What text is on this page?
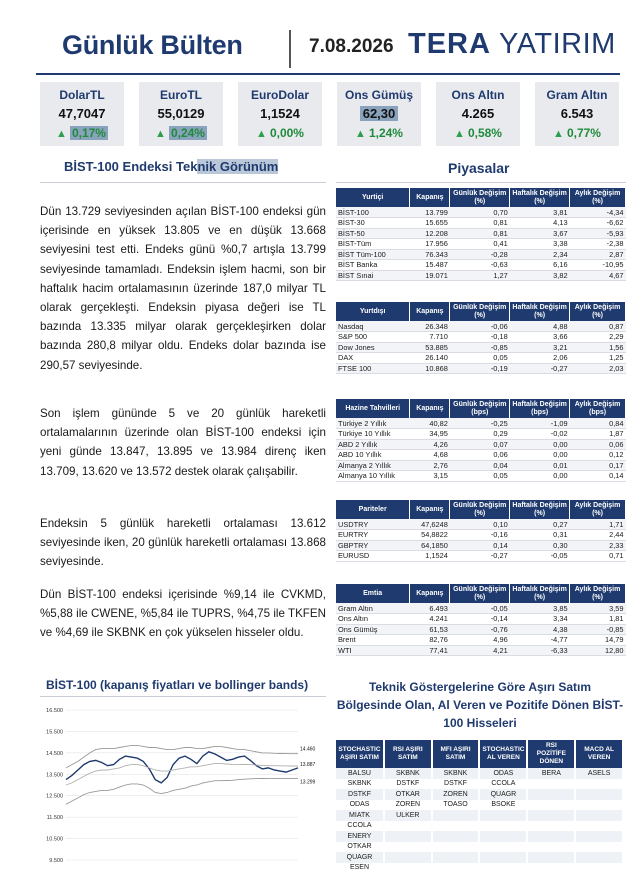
Günlük Bülten	7.08.2026 TERA YATIRIM
DolarTL
47,7047
▲ 0,17%
EuroTL
55,0129
▲ 0,24%
EuroDolar
1,1524
▲ 0,00%
Ons Gümüş
62,30
▲ 1,24%
Ons Altın
4.265
▲ 0,58%
Gram Altın
6.543
▲ 0,77%
BİST-100 Endeksi Teknik Görünüm
Dün 13.729 seviyesinden açılan BİST-100 endeksi gün içerisinde en yüksek 13.805 ve en düşük 13.668 seviyesini test etti. Endeks günü %0,7 artışla 13.799 seviyesinde tamamladı. Endeksin işlem hacmi, son bir haftalık hacim ortalamasının üzerinde 187,0 milyar TL olarak gerçekleşti. Endeksin piyasa değeri ise TL bazında 13.335 milyar olarak gerçekleşirken dolar bazında 280,8 milyar oldu. Endeks dolar bazında ise 290,57 seviyesinde.
Son işlem gününde 5 ve 20 günlük hareketli ortalamalarının üzerinde olan BİST-100 endeksi için yeni günde 13.847, 13.895 ve 13.984 direnç iken 13.709, 13.620 ve 13.572 destek olarak çalışabilir.
Endeksin 5 günlük hareketli ortalaması 13.612 seviyesinde iken, 20 günlük hareketli ortalaması 13.868 seviyesinde.
Dün BİST-100 endeksi içerisinde %9,14 ile CVKMD, %5,88 ile CWENE, %5,84 ile TUPRS, %4,75 ile TKFEN ve %4,69 ile SKBNK en çok yükselen hisseler oldu.
Piyasalar
Yurtiçi	Kapanış	Günlük Değişim (%)	Haftalık Değişim (%)	Aylık Değişim (%)
BİST-100	13.799	0,70	3,81	-4,34
BİST-30	15.655	0,81	4,13	-6,62
BİST-50	12.208	0,81	3,67	-5,93
BİST-Tüm	17.956	0,41	3,38	-2,38
BİST Tüm-100	76.343	-0,28	2,34	2,87
BİST Banka	15.487	-0,63	6,16	-10,95
BİST Sınai	19.071	1,27	3,82	4,67
Yurtdışı	Kapanış	Günlük Değişim (%)	Haftalık Değişim (%)	Aylık Değişim (%)
Nasdaq	26.348	-0,06	4,88	0,87
S&P 500	7.710	-0,18	3,66	2,29
Dow Jones	53.885	-0,85	3,21	1,56
DAX	26.140	0,05	2,06	1,25
FTSE 100	10.868	-0,19	-0,27	2,03
Hazine Tahvilleri	Kapanış	Günlük Değişim (bps)	Haftalık Değişim (bps)	Aylık Değişim (bps)
Türkiye 2 Yıllık	40,82	-0,25	-1,09	0,84
Türkiye 10 Yıllık	34,95	0,29	-0,02	1,87
ABD 2 Yıllık	4,26	0,07	0,00	0,06
ABD 10 Yıllık	4,68	0,06	0,00	0,12
Almanya 2 Yıllık	2,76	0,04	0,01	0,17
Almanya 10 Yıllık	3,15	0,05	0,00	0,14
Pariteler	Kapanış	Günlük Değişim (%)	Haftalık Değişim (%)	Aylık Değişim (%)
USDTRY	47,6248	0,10	0,27	1,71
EURTRY	54,8822	-0,16	0,31	2,44
GBPTRY	64,1850	0,14	0,30	2,33
EURUSD	1,1524	-0,27	-0,05	0,71
Emtia	Kapanış	Günlük Değişim (%)	Haftalık Değişim (%)	Aylık Değişim (%)
Gram Altın	6.493	-0,05	3,85	3,59
Ons Altın	4.241	-0,14	3,34	1,81
Ons Gümüş	61,53	-0,76	4,38	-0,85
Brent	82,76	4,96	-4,77	14,79
WTI	77,41	4,21	-6,33	12,80
BİST-100 (kapanış fiyatları ve bollinger bands)
16.500
15.500
14.500
13.500
12.500
11.500
10.500
9.500
14.460
13.887
13.299
Teknik Göstergelerine Göre Aşırı Satım Bölgesinde Olan, Al Veren ve Pozitife Dönen BİST-100 Hisseleri
STOCHASTIC AŞIRI SATIM	RSI AŞIRI SATIM	MFI AŞIRI SATIM	STOCHASTIC AL VEREN	RSI POZİTİFE DÖNEN	MACD AL VEREN
BALSU	SKBNK	SKBNK	ODAS	BERA	ASELS
SKBNK	DSTKF	DSTKF	CCOLA		
DSTKF	OTKAR	ZOREN	QUAGR		
ODAS	ZOREN	TOASO	BSOKE		
MIATK	ULKER				
CCOLA					
ENERY					
OTKAR					
QUAGR					
ESEN					
